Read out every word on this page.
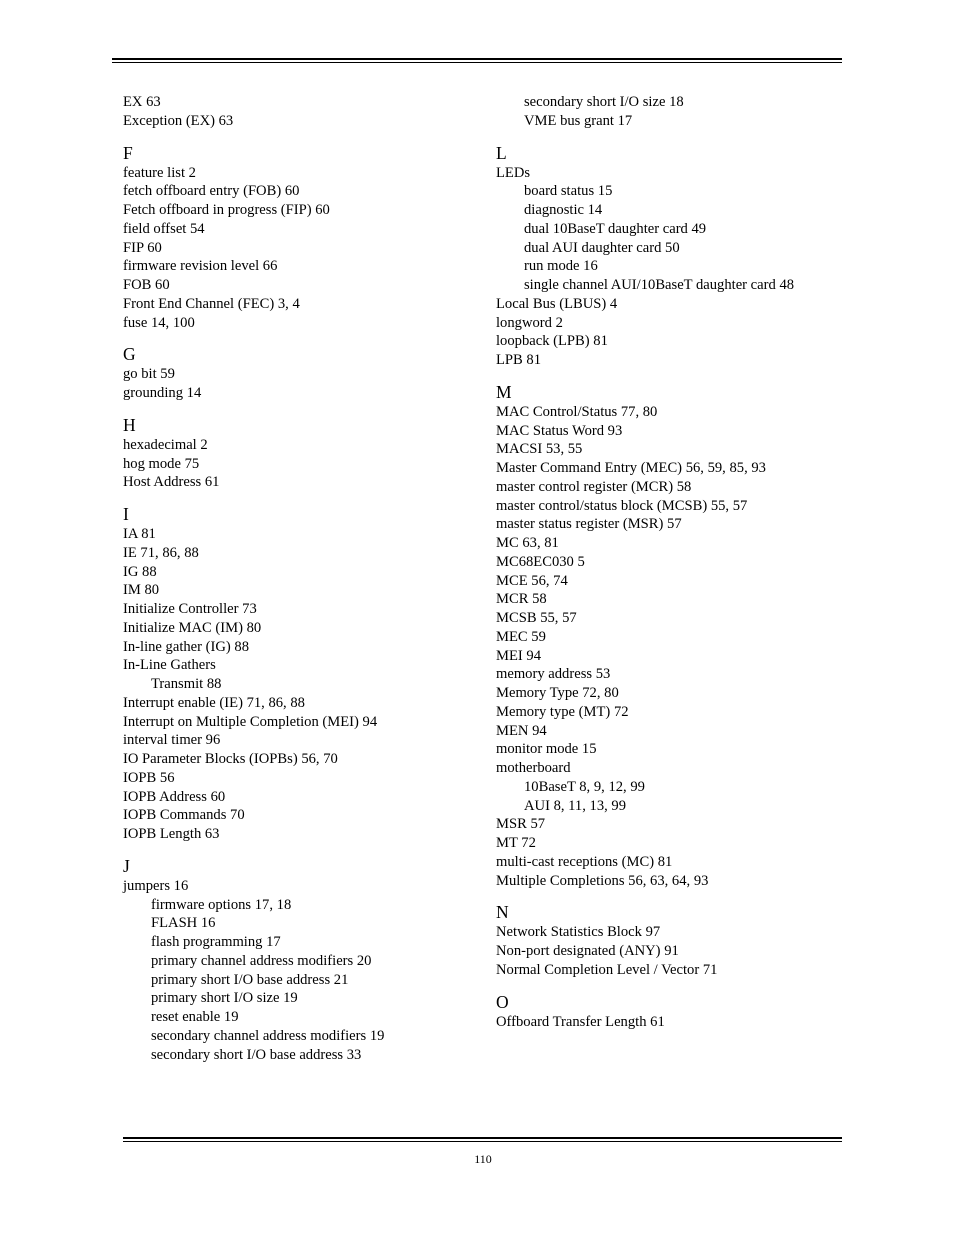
EX 63
Exception (EX) 63
F
feature list 2
fetch offboard entry (FOB) 60
Fetch offboard in progress (FIP) 60
field offset 54
FIP 60
firmware revision level 66
FOB 60
Front End Channel (FEC) 3, 4
fuse 14, 100
G
go bit 59
grounding 14
H
hexadecimal 2
hog mode 75
Host Address 61
I
IA 81
IE 71, 86, 88
IG 88
IM 80
Initialize Controller 73
Initialize MAC (IM) 80
In-line gather (IG) 88
In-Line Gathers
Transmit 88
Interrupt enable (IE) 71, 86, 88
Interrupt on Multiple Completion (MEI) 94
interval timer 96
IO Parameter Blocks (IOPBs) 56, 70
IOPB 56
IOPB Address 60
IOPB Commands 70
IOPB Length 63
J
jumpers 16
firmware options 17, 18
FLASH 16
flash programming 17
primary channel address modifiers 20
primary short I/O base address 21
primary short I/O size 19
reset enable 19
secondary channel address modifiers 19
secondary short I/O base address 33
secondary short I/O size 18
VME bus grant 17
L
LEDs
board status 15
diagnostic 14
dual 10BaseT daughter card 49
dual AUI daughter card 50
run mode 16
single channel AUI/10BaseT daughter card 48
Local Bus (LBUS) 4
longword 2
loopback (LPB) 81
LPB 81
M
MAC Control/Status 77, 80
MAC Status Word 93
MACSI 53, 55
Master Command Entry (MEC) 56, 59, 85, 93
master control register (MCR) 58
master control/status block (MCSB) 55, 57
master status register (MSR) 57
MC 63, 81
MC68EC030 5
MCE 56, 74
MCR 58
MCSB 55, 57
MEC 59
MEI 94
memory address 53
Memory Type 72, 80
Memory type (MT) 72
MEN 94
monitor mode 15
motherboard
10BaseT 8, 9, 12, 99
AUI 8, 11, 13, 99
MSR 57
MT 72
multi-cast receptions (MC) 81
Multiple Completions 56, 63, 64, 93
N
Network Statistics Block 97
Non-port designated (ANY) 91
Normal Completion Level / Vector 71
O
Offboard Transfer Length 61
110
